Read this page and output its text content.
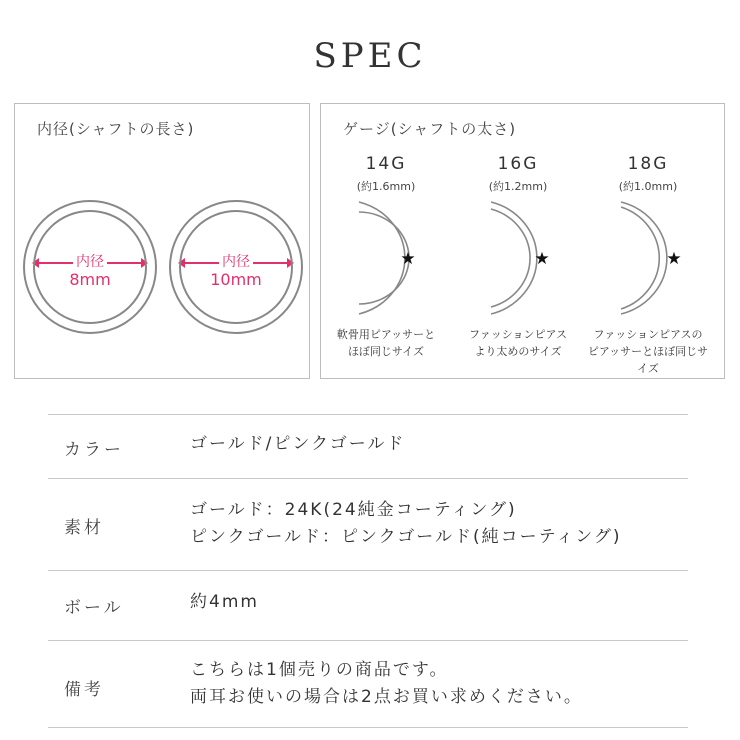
SPEC
内径(シャフトの長さ)
内径
8mm
内径
10mm
ゲージ(シャフトの太さ)
14G
(約1.6mm)
★
軟骨用ピアッサーと
ほぼ同じサイズ
16G
(約1.2mm)
★
ファッションピアス
より太めのサイズ
18G
(約1.0mm)
★
ファッションピアスの
ピアッサーとほぼ同じサイズ
カラー	ゴールド/ピンクゴールド
素材
ゴールド：24K(24純金コーティング)
ピンクゴールド：ピンクゴールド(純コーティング)
ボール	約4mm
備考
こちらは1個売りの商品です。
両耳お使いの場合は2点お買い求めください。
